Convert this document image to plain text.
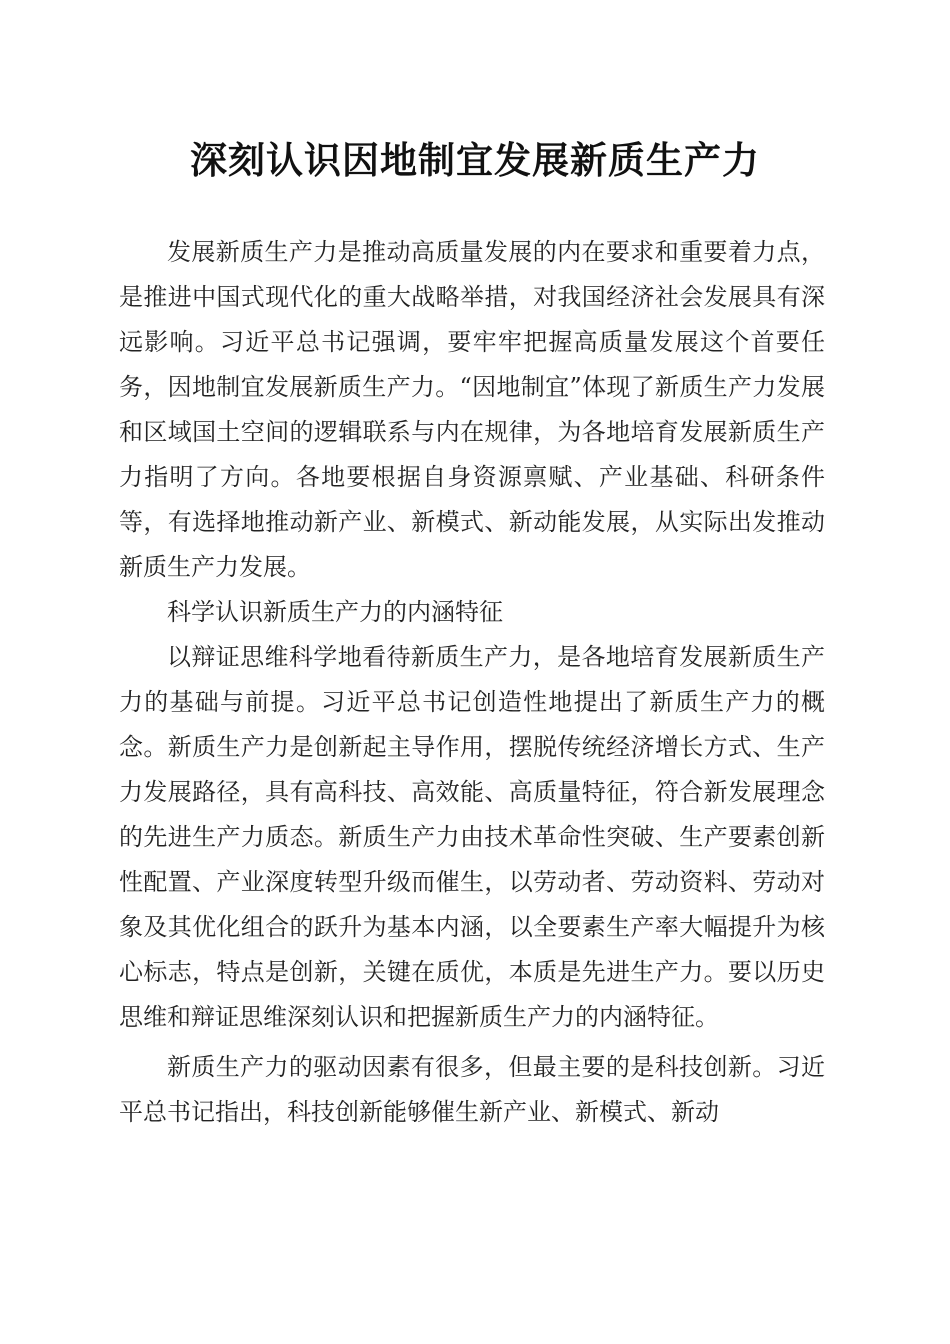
深刻认识因地制宜发展新质生产力

发展新质生产力是推动高质量发展的内在要求和重要着力点，是推进中国式现代化的重大战略举措，对我国经济社会发展具有深远影响。习近平总书记强调，要牢牢把握高质量发展这个首要任务，因地制宜发展新质生产力。“因地制宜”体现了新质生产力发展和区域国土空间的逻辑联系与内在规律，为各地培育发展新质生产力指明了方向。各地要根据自身资源禀赋、产业基础、科研条件等，有选择地推动新产业、新模式、新动能发展，从实际出发推动新质生产力发展。

科学认识新质生产力的内涵特征

以辩证思维科学地看待新质生产力，是各地培育发展新质生产力的基础与前提。习近平总书记创造性地提出了新质生产力的概念。新质生产力是创新起主导作用，摆脱传统经济增长方式、生产力发展路径，具有高科技、高效能、高质量特征，符合新发展理念的先进生产力质态。新质生产力由技术革命性突破、生产要素创新性配置、产业深度转型升级而催生，以劳动者、劳动资料、劳动对象及其优化组合的跃升为基本内涵，以全要素生产率大幅提升为核心标志，特点是创新，关键在质优，本质是先进生产力。要以历史思维和辩证思维深刻认识和把握新质生产力的内涵特征。

新质生产力的驱动因素有很多，但最主要的是科技创新。习近平总书记指出，科技创新能够催生新产业、新模式、新动
